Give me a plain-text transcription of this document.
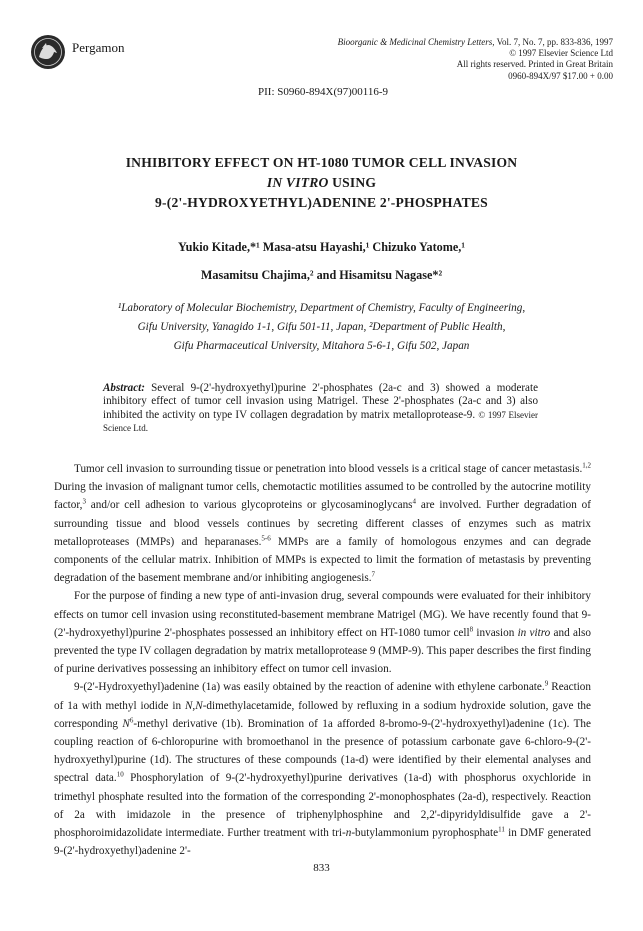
Pergamon	Bioorganic & Medicinal Chemistry Letters, Vol. 7, No. 7, pp. 833-836, 1997
© 1997 Elsevier Science Ltd
All rights reserved. Printed in Great Britain
0960-894X/97 $17.00 + 0.00
PII: S0960-894X(97)00116-9
INHIBITORY EFFECT ON HT-1080 TUMOR CELL INVASION
IN VITRO USING
9-(2'-HYDROXYETHYL)ADENINE 2'-PHOSPHATES
Yukio Kitade,*¹ Masa-atsu Hayashi,¹ Chizuko Yatome,¹
Masamitsu Chajima,² and Hisamitsu Nagase*²
¹Laboratory of Molecular Biochemistry, Department of Chemistry, Faculty of Engineering,
Gifu University, Yanagido 1-1, Gifu 501-11, Japan, ²Department of Public Health,
Gifu Pharmaceutical University, Mitahora 5-6-1, Gifu 502, Japan
Abstract: Several 9-(2'-hydroxyethyl)purine 2'-phosphates (2a-c and 3) showed a moderate inhibitory effect of tumor cell invasion using Matrigel. These 2'-phosphates (2a-c and 3) also inhibited the activity on type IV collagen degradation by matrix metalloprotease-9. © 1997 Elsevier Science Ltd.

Tumor cell invasion to surrounding tissue or penetration into blood vessels is a critical stage of cancer metastasis.$^{1,2}$ During the invasion of malignant tumor cells, chemotactic motilities assumed to be controlled by the autocrine motility factor,$^3$ and/or cell adhesion to various glycoproteins or glycosaminoglycans$^4$ are involved. Further degradation of surrounding tissue and blood vessels continues by secreting different classes of enzymes such as matrix metalloproteases (MMPs) and heparanases.$^{5-6}$ MMPs are a family of homologous enzymes and can degrade components of the cellular matrix. Inhibition of MMPs is expected to limit the formation of metastasis by preventing degradation of the basement membrane and/or inhibiting angiogenesis.$^7$

For the purpose of finding a new type of anti-invasion drug, several compounds were evaluated for their inhibitory effects on tumor cell invasion using reconstituted-basement membrane Matrigel (MG). We have recently found that 9-(2'-hydroxyethyl)purine 2'-phosphates possessed an inhibitory effect on HT-1080 tumor cell$^8$ invasion in vitro and also prevented the type IV collagen degradation by matrix metalloprotease 9 (MMP-9). This paper describes the first finding of purine derivatives possessing an inhibitory effect on tumor cell invasion.

9-(2'-Hydroxyethyl)adenine (1a) was easily obtained by the reaction of adenine with ethylene carbonate.$^9$ Reaction of 1a with methyl iodide in N,N-dimethylacetamide, followed by refluxing in a sodium hydroxide solution, gave the corresponding $N^6$-methyl derivative (1b). Bromination of 1a afforded 8-bromo-9-(2'-hydroxyethyl)adenine (1c). The coupling reaction of 6-chloropurine with bromoethanol in the presence of potassium carbonate gave 6-chloro-9-(2'-hydroxyethyl)purine (1d). The structures of these compounds (1a-d) were identified by their elemental analyses and spectral data.$^{10}$ Phosphorylation of 9-(2'-hydroxyethyl)purine derivatives (1a-d) with phosphorus oxychloride in trimethyl phosphate resulted into the formation of the corresponding 2'-monophosphates (2a-d), respectively. Reaction of 2a with imidazole in the presence of triphenylphosphine and 2,2'-dipyridyldisulfide gave a 2'-phosphoroimidazolidate intermediate. Further treatment with tri-n-butylammonium pyrophosphate$^{11}$ in DMF generated 9-(2'-hydroxyethyl)adenine 2'-

833
